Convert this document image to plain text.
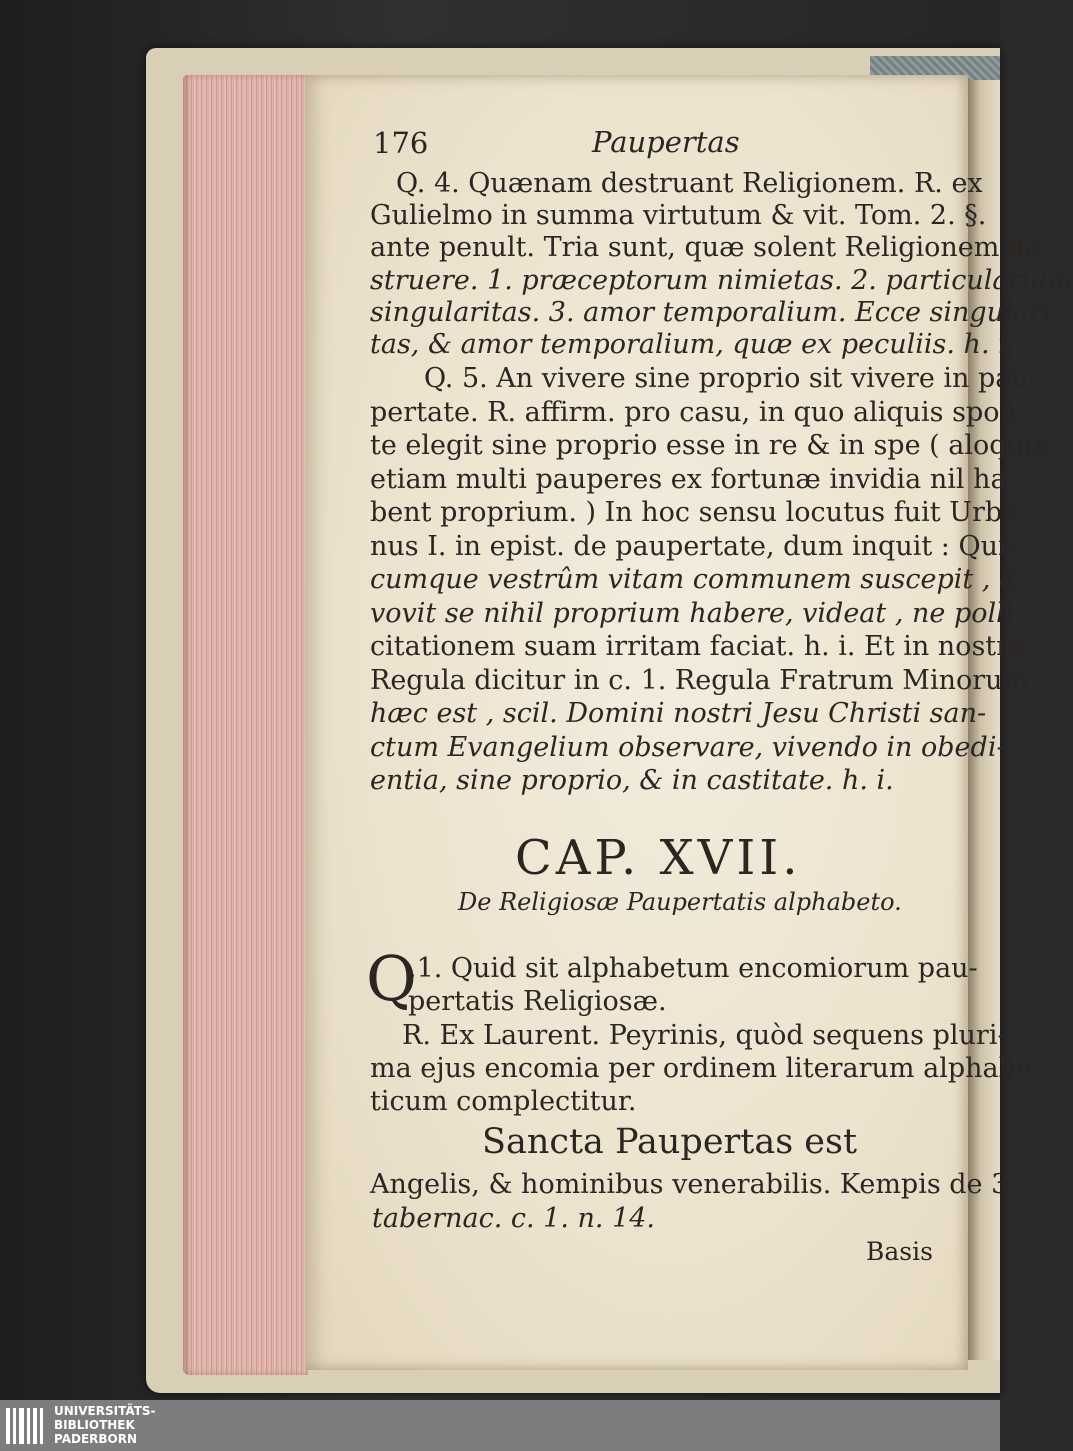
176	Paupertas
Q. 4. Quænam destruant Religionem. R. ex
Gulielmo in summa virtutum & vit. Tom. 2. §.
ante penult. Tria sunt, quæ solent Religionem de-
struere. 1. præceptorum nimietas. 2. particularium
singularitas. 3. amor temporalium. Ecce singulari-
tas, & amor temporalium, quæ ex peculiis. h. i.
Q. 5. An vivere sine proprio sit vivere in pau-
pertate. R. affirm. pro casu, in quo aliquis spon-
te elegit sine proprio esse in re & in spe ( aloquin
etiam multi pauperes ex fortunæ invidia nil ha-
bent proprium. ) In hoc sensu locutus fuit Urba-
nus I. in epist. de paupertate, dum inquit : Qui-
cumque vestrûm vitam communem suscepit , &
vovit se nihil proprium habere, videat , ne polli-
citationem suam irritam faciat. h. i. Et in nostra
Regula dicitur in c. 1. Regula Fratrum Minorum
hæc est , scil. Domini nostri Jesu Christi san-
ctum Evangelium observare, vivendo in obedi-
entia, sine proprio, & in castitate. h. i.
CAP. XVII.
De Religiosæ Paupertatis alphabeto.
Q
.1. Quid sit alphabetum encomiorum pau-
pertatis Religiosæ.
R. Ex Laurent. Peyrinis, quòd sequens pluri-
ma ejus encomia per ordinem literarum alphabe-
ticum complectitur.
Sancta Paupertas est
Angelis, & hominibus venerabilis. Kempis de 3.
tabernac. c. 1. n. 14.
Basis
UNIVERSITÄTS-
BIBLIOTHEK
PADERBORN
